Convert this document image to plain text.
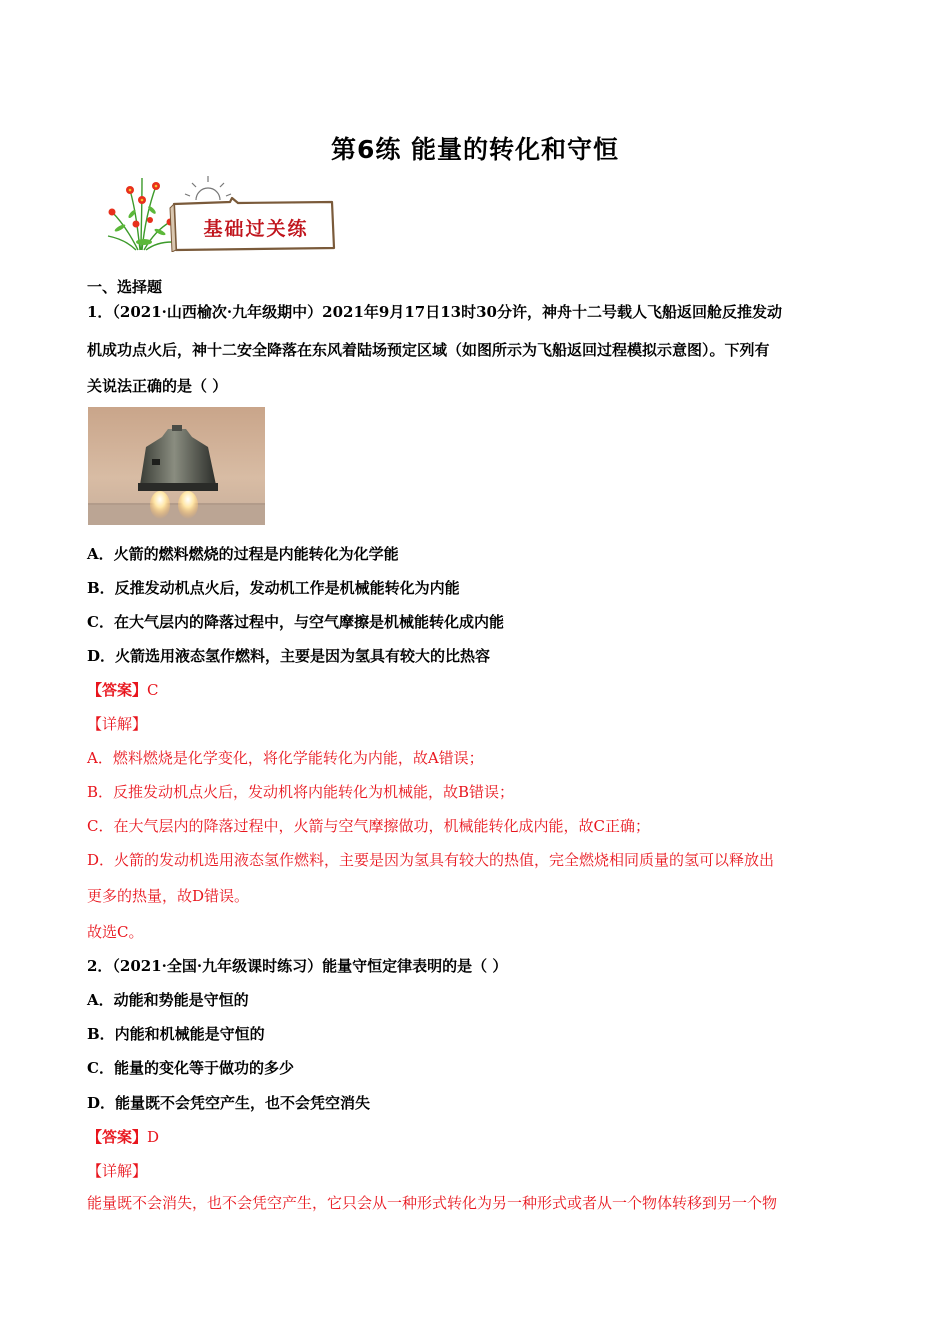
第6练 能量的转化和守恒
基础过关练
一、选择题
1．（2021·山西榆次·九年级期中）2021年9月17日13时30分许，神舟十二号载人飞船返回舱反推发动
机成功点火后，神十二安全降落在东风着陆场预定区域（如图所示为飞船返回过程模拟示意图）。下列有
关说法正确的是（ ）
A．火箭的燃料燃烧的过程是内能转化为化学能
B．反推发动机点火后，发动机工作是机械能转化为内能
C．在大气层内的降落过程中，与空气摩擦是机械能转化成内能
D．火箭选用液态氢作燃料，主要是因为氢具有较大的比热容
【答案】C
【详解】
A．燃料燃烧是化学变化，将化学能转化为内能，故A错误；
B．反推发动机点火后，发动机将内能转化为机械能，故B错误；
C．在大气层内的降落过程中，火箭与空气摩擦做功，机械能转化成内能，故C正确；
D．火箭的发动机选用液态氢作燃料，主要是因为氢具有较大的热值，完全燃烧相同质量的氢可以释放出
更多的热量，故D错误。
故选C。
2．（2021·全国·九年级课时练习）能量守恒定律表明的是（ ）
A．动能和势能是守恒的
B．内能和机械能是守恒的
C．能量的变化等于做功的多少
D．能量既不会凭空产生，也不会凭空消失
【答案】D
【详解】
能量既不会消失，也不会凭空产生，它只会从一种形式转化为另一种形式或者从一个物体转移到另一个物
